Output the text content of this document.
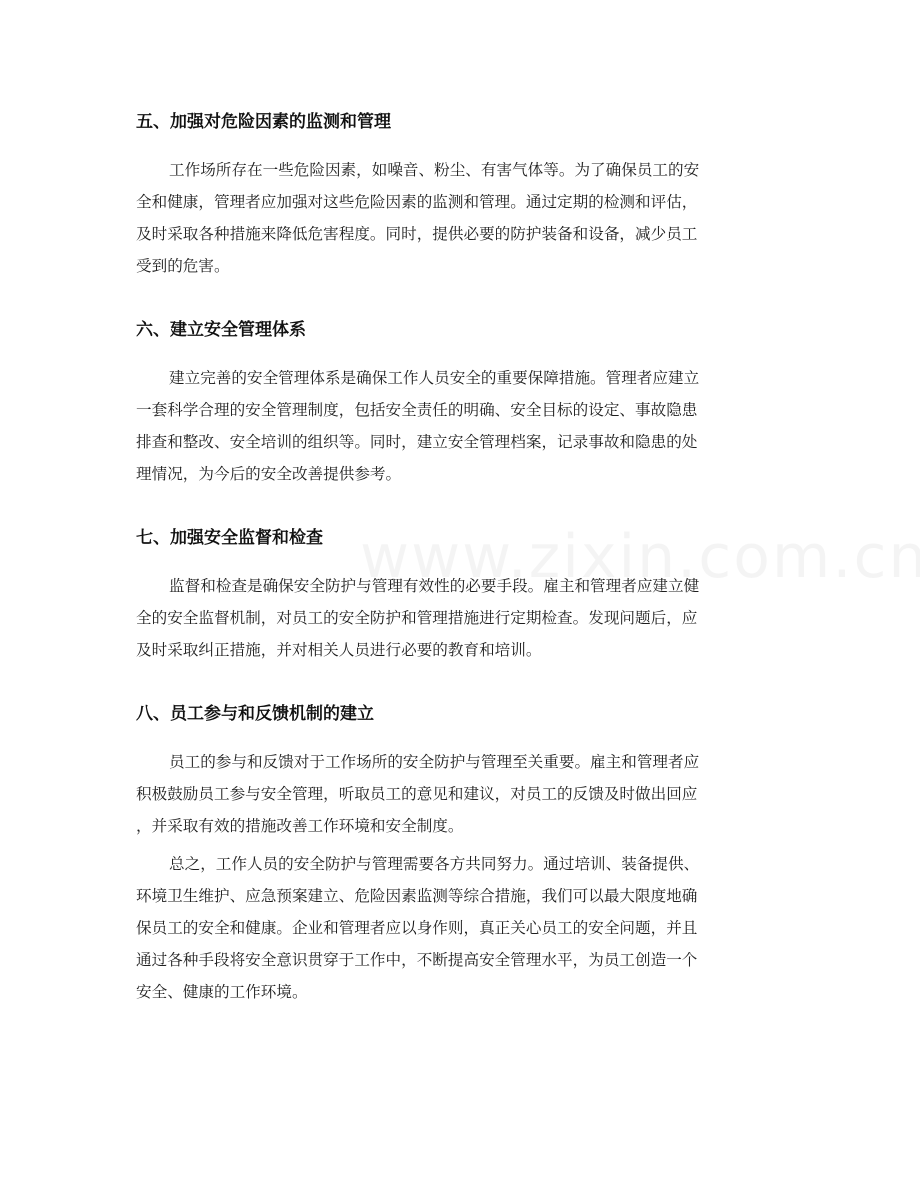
五、加强对危险因素的监测和管理
工作场所存在一些危险因素，如噪音、粉尘、有害气体等。为了确保员工的安
全和健康，管理者应加强对这些危险因素的监测和管理。通过定期的检测和评估，
及时采取各种措施来降低危害程度。同时，提供必要的防护装备和设备，减少员工
受到的危害。
六、建立安全管理体系
建立完善的安全管理体系是确保工作人员安全的重要保障措施。管理者应建立
一套科学合理的安全管理制度，包括安全责任的明确、安全目标的设定、事故隐患
排查和整改、安全培训的组织等。同时，建立安全管理档案，记录事故和隐患的处
理情况，为今后的安全改善提供参考。
七、加强安全监督和检查
监督和检查是确保安全防护与管理有效性的必要手段。雇主和管理者应建立健
全的安全监督机制，对员工的安全防护和管理措施进行定期检查。发现问题后，应
及时采取纠正措施，并对相关人员进行必要的教育和培训。
八、员工参与和反馈机制的建立
员工的参与和反馈对于工作场所的安全防护与管理至关重要。雇主和管理者应
积极鼓励员工参与安全管理，听取员工的意见和建议，对员工的反馈及时做出回应
，并采取有效的措施改善工作环境和安全制度。
总之，工作人员的安全防护与管理需要各方共同努力。通过培训、装备提供、
环境卫生维护、应急预案建立、危险因素监测等综合措施，我们可以最大限度地确
保员工的安全和健康。企业和管理者应以身作则，真正关心员工的安全问题，并且
通过各种手段将安全意识贯穿于工作中，不断提高安全管理水平，为员工创造一个
安全、健康的工作环境。
